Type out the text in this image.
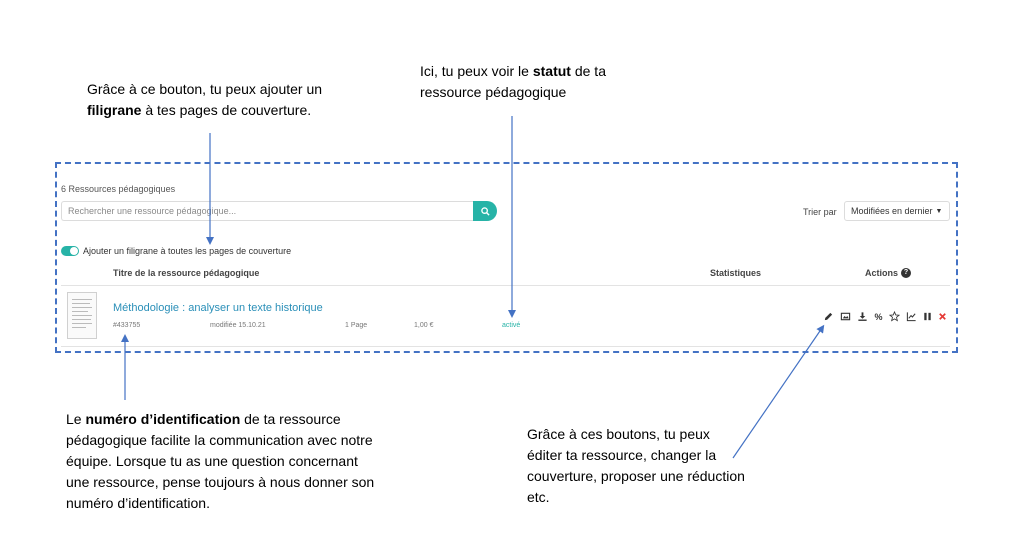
Grâce à ce bouton, tu peux ajouter un filigrane à tes pages de couverture.
Ici, tu peux voir le statut de ta ressource pédagogique
Le numéro d’identification de ta ressource pédagogique facilite la communication avec notre équipe. Lorsque tu as une question concernant une ressource, pense toujours à nous donner son numéro d’identification.
Grâce à ces boutons, tu peux éditer ta ressource, changer la couverture, proposer une réduction etc.
6 Ressources pédagogiques
Rechercher une ressource pédagogique...
Trier par Modifiées en dernier ▼
Ajouter un filigrane à toutes les pages de couverture
Titre de la ressource pédagogique	Statistiques	Actions ?
Méthodologie : analyser un texte historique
#433755	modifiée 15.10.21	1 Page	1,00 €	activé
%
